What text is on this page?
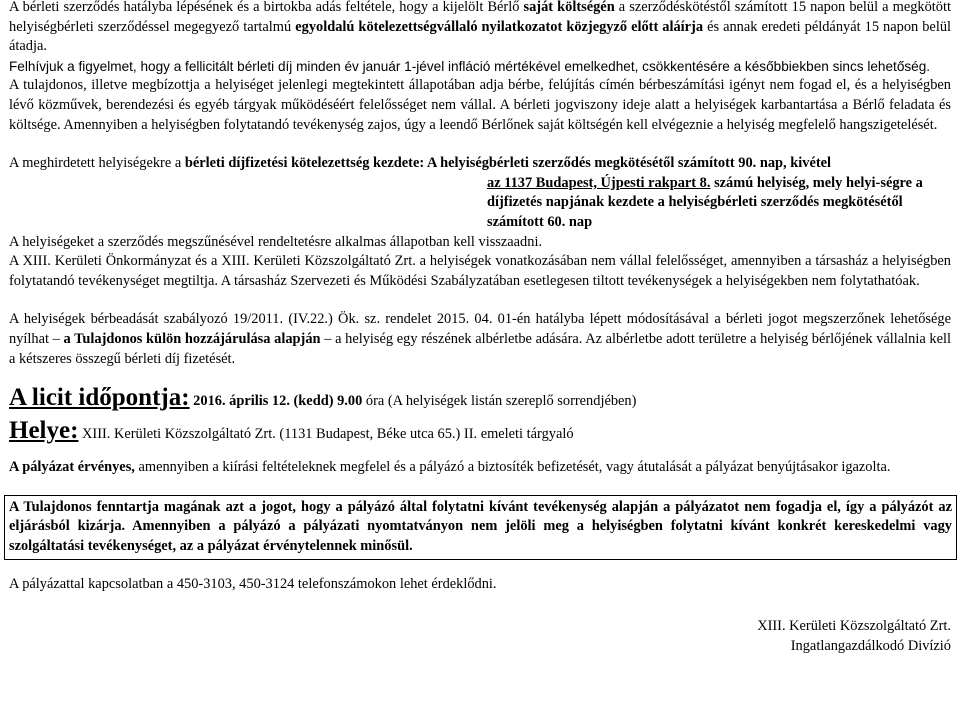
A bérleti szerződés hatályba lépésének és a birtokba adás feltétele, hogy a kijelölt Bérlő saját költségén a szerződéskötéstől számított 15 napon belül a megkötött helyiségbérleti szerződéssel megegyező tartalmú egyoldalú kötelezettségvállaló nyilatkozatot közjegyző előtt aláírja és annak eredeti példányát 15 napon belül átadja.

Felhívjuk a figyelmet, hogy a fellicitált bérleti díj minden év január 1-jével infláció mértékével emelkedhet, csökkentésére a későbbiekben sincs lehetőség.

A tulajdonos, illetve megbízottja a helyiséget jelenlegi megtekintett állapotában adja bérbe, felújítás címén bérbeszámítási igényt nem fogad el, és a helyiségben lévő közművek, berendezési és egyéb tárgyak működéséért felelősséget nem vállal. A bérleti jogviszony ideje alatt a helyiségek karbantartása a Bérlő feladata és költsége. Amennyiben a helyiségben folytatandó tevékenység zajos, úgy a leendő Bérlőnek saját költségén kell elvégeznie a helyiség megfelelő hangszigetelését.

A meghirdetett helyiségekre a bérleti díjfizetési kötelezettség kezdete: A helyiségbérleti szerződés megkötésétől számított 90. nap, kivétel

az 1137 Budapest, Újpesti rakpart 8. számú helyiség, mely helyi-ségre a díjfizetés napjának kezdete a helyiségbérleti szerződés megkötésétől számított 60. nap

A helyiségeket a szerződés megszűnésével rendeltetésre alkalmas állapotban kell visszaadni.

A XIII. Kerületi Önkormányzat és a XIII. Kerületi Közszolgáltató Zrt. a helyiségek vonatkozásában nem vállal felelősséget, amennyiben a társasház a helyiségben folytatandó tevékenységet megtiltja. A társasház Szervezeti és Működési Szabályzatában esetlegesen tiltott tevékenységek a helyiségekben nem folytathatóak.

A helyiségek bérbeadását szabályozó 19/2011. (IV.22.) Ök. sz. rendelet 2015. 04. 01-én hatályba lépett módosításával a bérleti jogot megszerzőnek lehetősége nyílhat – a Tulajdonos külön hozzájárulása alapján – a helyiség egy részének albérletbe adására. Az albérletbe adott területre a helyiség bérlőjének vállalnia kell a kétszeres összegű bérleti díj fizetését.

A licit időpontja: 2016. április 12. (kedd) 9.00 óra (A helyiségek listán szereplő sorrendjében)

Helye: XIII. Kerületi Közszolgáltató Zrt. (1131 Budapest, Béke utca 65.) II. emeleti tárgyaló

A pályázat érvényes, amennyiben a kiírási feltételeknek megfelel és a pályázó a biztosíték befizetését, vagy átutalását a pályázat benyújtásakor igazolta.

A Tulajdonos fenntartja magának azt a jogot, hogy a pályázó által folytatni kívánt tevékenység alapján a pályázatot nem fogadja el, így a pályázót az eljárásból kizárja. Amennyiben a pályázó a pályázati nyomtatványon nem jelöli meg a helyiségben folytatni kívánt konkrét kereskedelmi vagy szolgáltatási tevékenységet, az a pályázat érvénytelennek minősül.

A pályázattal kapcsolatban a 450-3103, 450-3124 telefonszámokon lehet érdeklődni.

XIII. Kerületi Közszolgáltató Zrt.
Ingatlangazdálkodó Divízió
